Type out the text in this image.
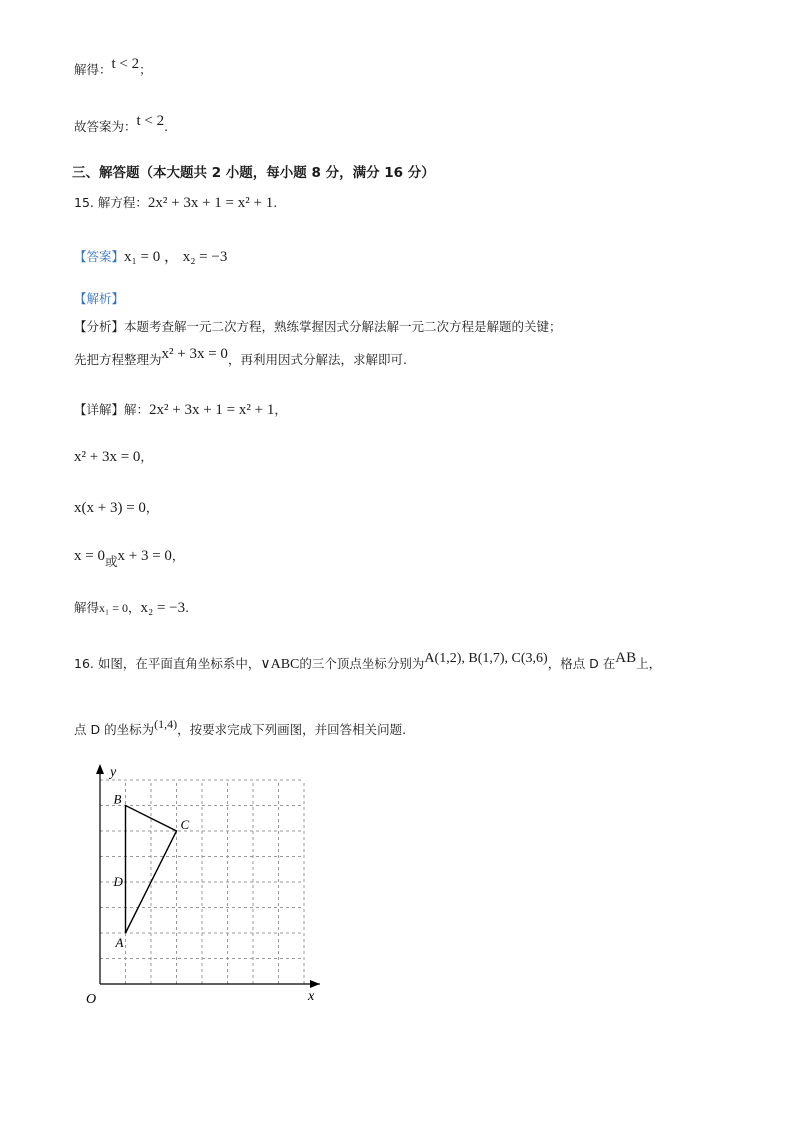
解得：t < 2；
故答案为：t < 2.
三、解答题（本大题共 2 小题，每小题 8 分，满分 16 分）
15. 解方程：2x² + 3x + 1 = x² + 1.
【答案】x₁ = 0 ， x₂ = −3
【解析】
【分析】本题考查解一元二次方程，熟练掌握因式分解法解一元二次方程是解题的关键；
先把方程整理为x² + 3x = 0，再利用因式分解法，求解即可.
【详解】解：2x² + 3x + 1 = x² + 1，
x² + 3x = 0，
x(x + 3) = 0，
x = 0或x + 3 = 0，
解得x₁ = 0，x₂ = −3.
16. 如图，在平面直角坐标系中，∨ABC的三个顶点坐标分别为A(1,2), B(1,7), C(3,6)，格点 D 在AB上，
点 D 的坐标为(1,4)，按要求完成下列画图，并回答相关问题.
y
x
O
A
B
C
D
